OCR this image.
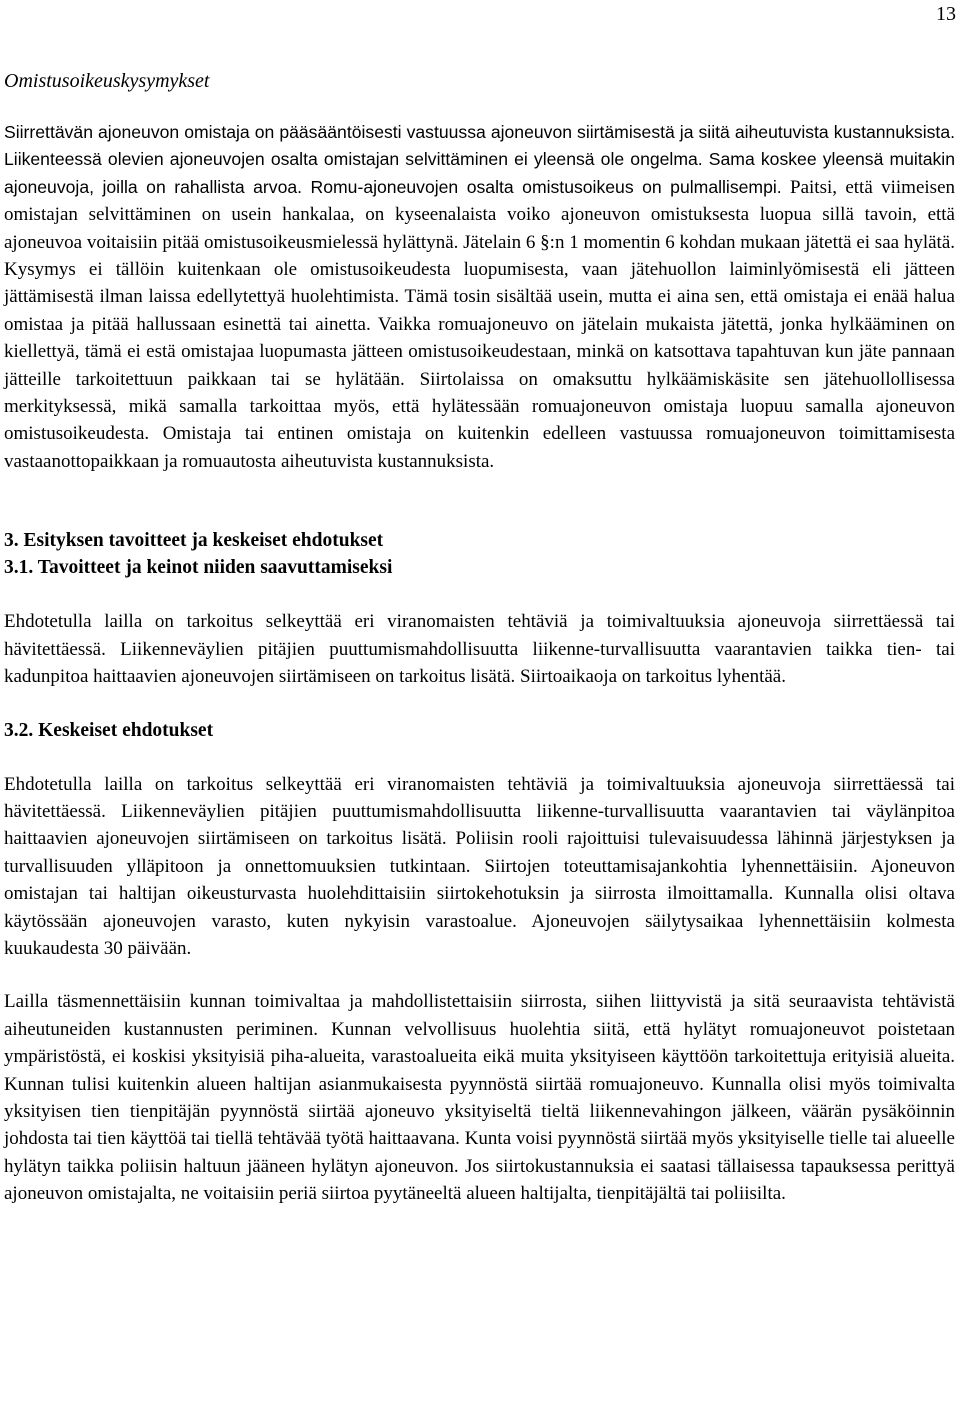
13
Omistusoikeuskysymykset

Siirrettävän ajoneuvon omistaja on pääsääntöisesti vastuussa ajoneuvon siirtämisestä ja siitä aiheutuvista kustannuksista. Liikenteessä olevien ajoneuvojen osalta omistajan selvittäminen ei yleensä ole ongelma. Sama koskee yleensä muitakin ajoneuvoja, joilla on rahallista arvoa. Romu-ajoneuvojen osalta omistusoikeus on pulmallisempi. Paitsi, että viimeisen omistajan selvittäminen on usein hankalaa, on kyseenalaista voiko ajoneuvon omistuksesta luopua sillä tavoin, että ajoneuvoa voitaisiin pitää omistusoikeusmielessä hylättynä. Jätelain 6 §:n 1 momentin 6 kohdan mukaan jätettä ei saa hylätä. Kysymys ei tällöin kuitenkaan ole omistusoikeudesta luopumisesta, vaan jätehuollon laiminlyömisestä eli jätteen jättämisestä ilman laissa edellytettyä huolehtimista. Tämä tosin sisältää usein, mutta ei aina sen, että omistaja ei enää halua omistaa ja pitää hallussaan esinettä tai ainetta. Vaikka romuajoneuvo on jätelain mukaista jätettä, jonka hylkääminen on kiellettyä, tämä ei estä omistajaa luopumasta jätteen omistusoikeudestaan, minkä on katsottava tapahtuvan kun jäte pannaan jätteille tarkoitettuun paikkaan tai se hylätään. Siirtolaissa on omaksuttu hylkäämiskäsite sen jätehuollollisessa merkityksessä, mikä samalla tarkoittaa myös, että hylätessään romuajoneuvon omistaja luopuu samalla ajoneuvon omistusoikeudesta. Omistaja tai entinen omistaja on kuitenkin edelleen vastuussa romuajoneuvon toimittamisesta vastaanottopaikkaan ja romuautosta aiheutuvista kustannuksista.

3. Esityksen tavoitteet ja keskeiset ehdotukset
3.1. Tavoitteet ja keinot niiden saavuttamiseksi

Ehdotetulla lailla on tarkoitus selkeyttää eri viranomaisten tehtäviä ja toimivaltuuksia ajoneuvoja siirrettäessä tai hävitettäessä. Liikenneväylien pitäjien puuttumismahdollisuutta liikenne-turvallisuutta vaarantavien taikka tien- tai kadunpitoa haittaavien ajoneuvojen siirtämiseen on tarkoitus lisätä. Siirtoaikaoja on tarkoitus lyhentää.

3.2. Keskeiset ehdotukset

Ehdotetulla lailla on tarkoitus selkeyttää eri viranomaisten tehtäviä ja toimivaltuuksia ajoneuvoja siirrettäessä tai hävitettäessä. Liikenneväylien pitäjien puuttumismahdollisuutta liikenne-turvallisuutta vaarantavien tai väylänpitoa haittaavien ajoneuvojen siirtämiseen on tarkoitus lisätä. Poliisin rooli rajoittuisi tulevaisuudessa lähinnä järjestyksen ja turvallisuuden ylläpitoon ja onnettomuuksien tutkintaan. Siirtojen toteuttamisajankohtia lyhennettäisiin. Ajoneuvon omistajan tai haltijan oikeusturvasta huolehdittaisiin siirtokehotuksin ja siirrosta ilmoittamalla. Kunnalla olisi oltava käytössään ajoneuvojen varasto, kuten nykyisin varastoalue. Ajoneuvojen säilytysaikaa lyhennettäisiin kolmesta kuukaudesta 30 päivään.

Lailla täsmennettäisiin kunnan toimivaltaa ja mahdollistettaisiin siirrosta, siihen liittyvistä ja sitä seuraavista tehtävistä aiheutuneiden kustannusten periminen. Kunnan velvollisuus huolehtia siitä, että hylätyt romuajoneuvot poistetaan ympäristöstä, ei koskisi yksityisiä piha-alueita, varastoalueita eikä muita yksityiseen käyttöön tarkoitettuja erityisiä alueita. Kunnan tulisi kuitenkin alueen haltijan asianmukaisesta pyynnöstä siirtää romuajoneuvo. Kunnalla olisi myös toimivalta yksityisen tien tienpitäjän pyynnöstä siirtää ajoneuvo yksityiseltä tieltä liikennevahingon jälkeen, väärän pysäköinnin johdosta tai tien käyttöä tai tiellä tehtävää työtä haittaavana. Kunta voisi pyynnöstä siirtää myös yksityiselle tielle tai alueelle hylätyn taikka poliisin haltuun jääneen hylätyn ajoneuvon. Jos siirtokustannuksia ei saatasi tällaisessa tapauksessa perittyä ajoneuvon omistajalta, ne voitaisiin periä siirtoa pyytäneeltä alueen haltijalta, tienpitäjältä tai poliisilta.
